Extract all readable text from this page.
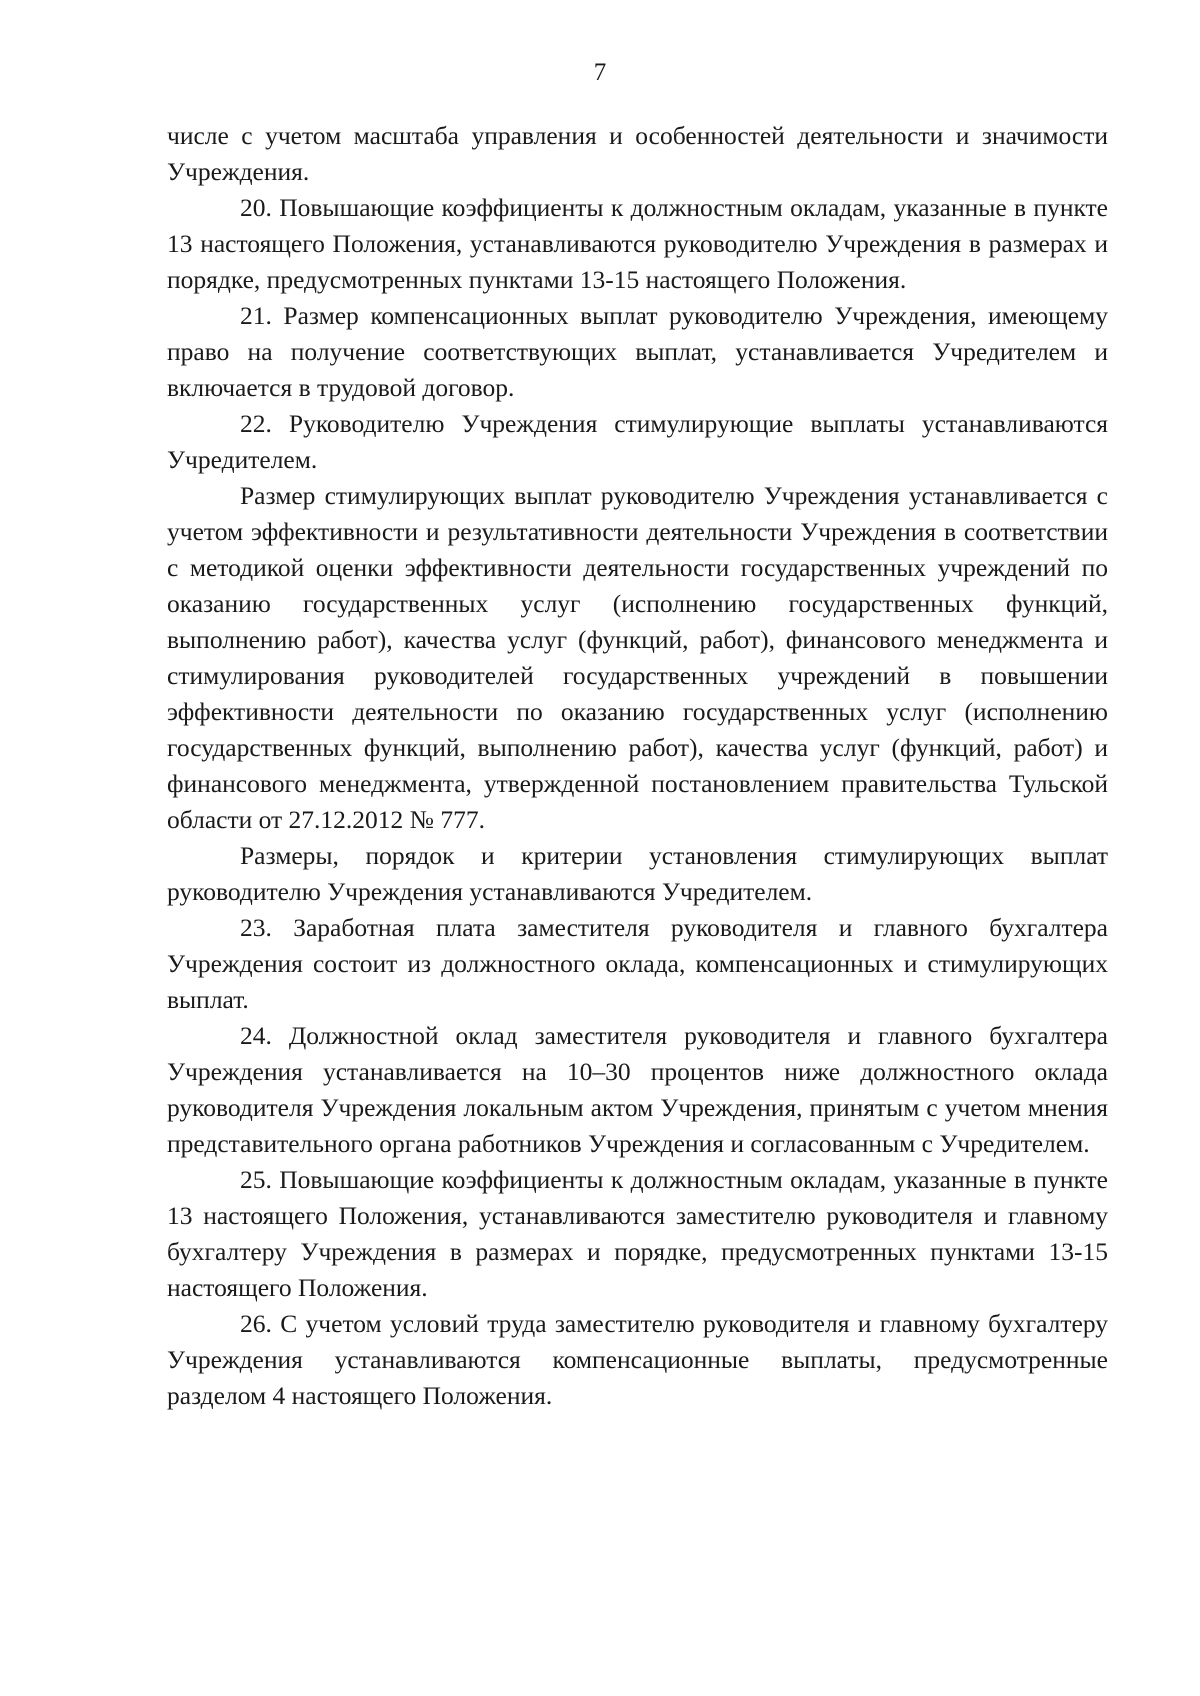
7

числе с учетом масштаба управления и особенностей деятельности и значимости Учреждения.

20. Повышающие коэффициенты к должностным окладам, указанные в пункте 13 настоящего Положения, устанавливаются руководителю Учреждения в размерах и порядке, предусмотренных пунктами 13-15 настоящего Положения.

21. Размер компенсационных выплат руководителю Учреждения, имеющему право на получение соответствующих выплат, устанавливается Учредителем и включается в трудовой договор.

22. Руководителю Учреждения стимулирующие выплаты устанавливаются Учредителем.

Размер стимулирующих выплат руководителю Учреждения устанавливается с учетом эффективности и результативности деятельности Учреждения в соответствии с методикой оценки эффективности деятельности государственных учреждений по оказанию государственных услуг (исполнению государственных функций, выполнению работ), качества услуг (функций, работ), финансового менеджмента и стимулирования руководителей государственных учреждений в повышении эффективности деятельности по оказанию государственных услуг (исполнению государственных функций, выполнению работ), качества услуг (функций, работ) и финансового менеджмента, утвержденной постановлением правительства Тульской области от 27.12.2012 № 777.

Размеры, порядок и критерии установления стимулирующих выплат руководителю Учреждения устанавливаются Учредителем.

23. Заработная плата заместителя руководителя и главного бухгалтера Учреждения состоит из должностного оклада, компенсационных и стимулирующих выплат.

24. Должностной оклад заместителя руководителя и главного бухгалтера Учреждения устанавливается на 10–30 процентов ниже должностного оклада руководителя Учреждения локальным актом Учреждения, принятым с учетом мнения представительного органа работников Учреждения и согласованным с Учредителем.

25. Повышающие коэффициенты к должностным окладам, указанные в пункте 13 настоящего Положения, устанавливаются заместителю руководителя и главному бухгалтеру Учреждения в размерах и порядке, предусмотренных пунктами 13-15 настоящего Положения.

26. С учетом условий труда заместителю руководителя и главному бухгалтеру Учреждения устанавливаются компенсационные выплаты, предусмотренные разделом 4 настоящего Положения.
